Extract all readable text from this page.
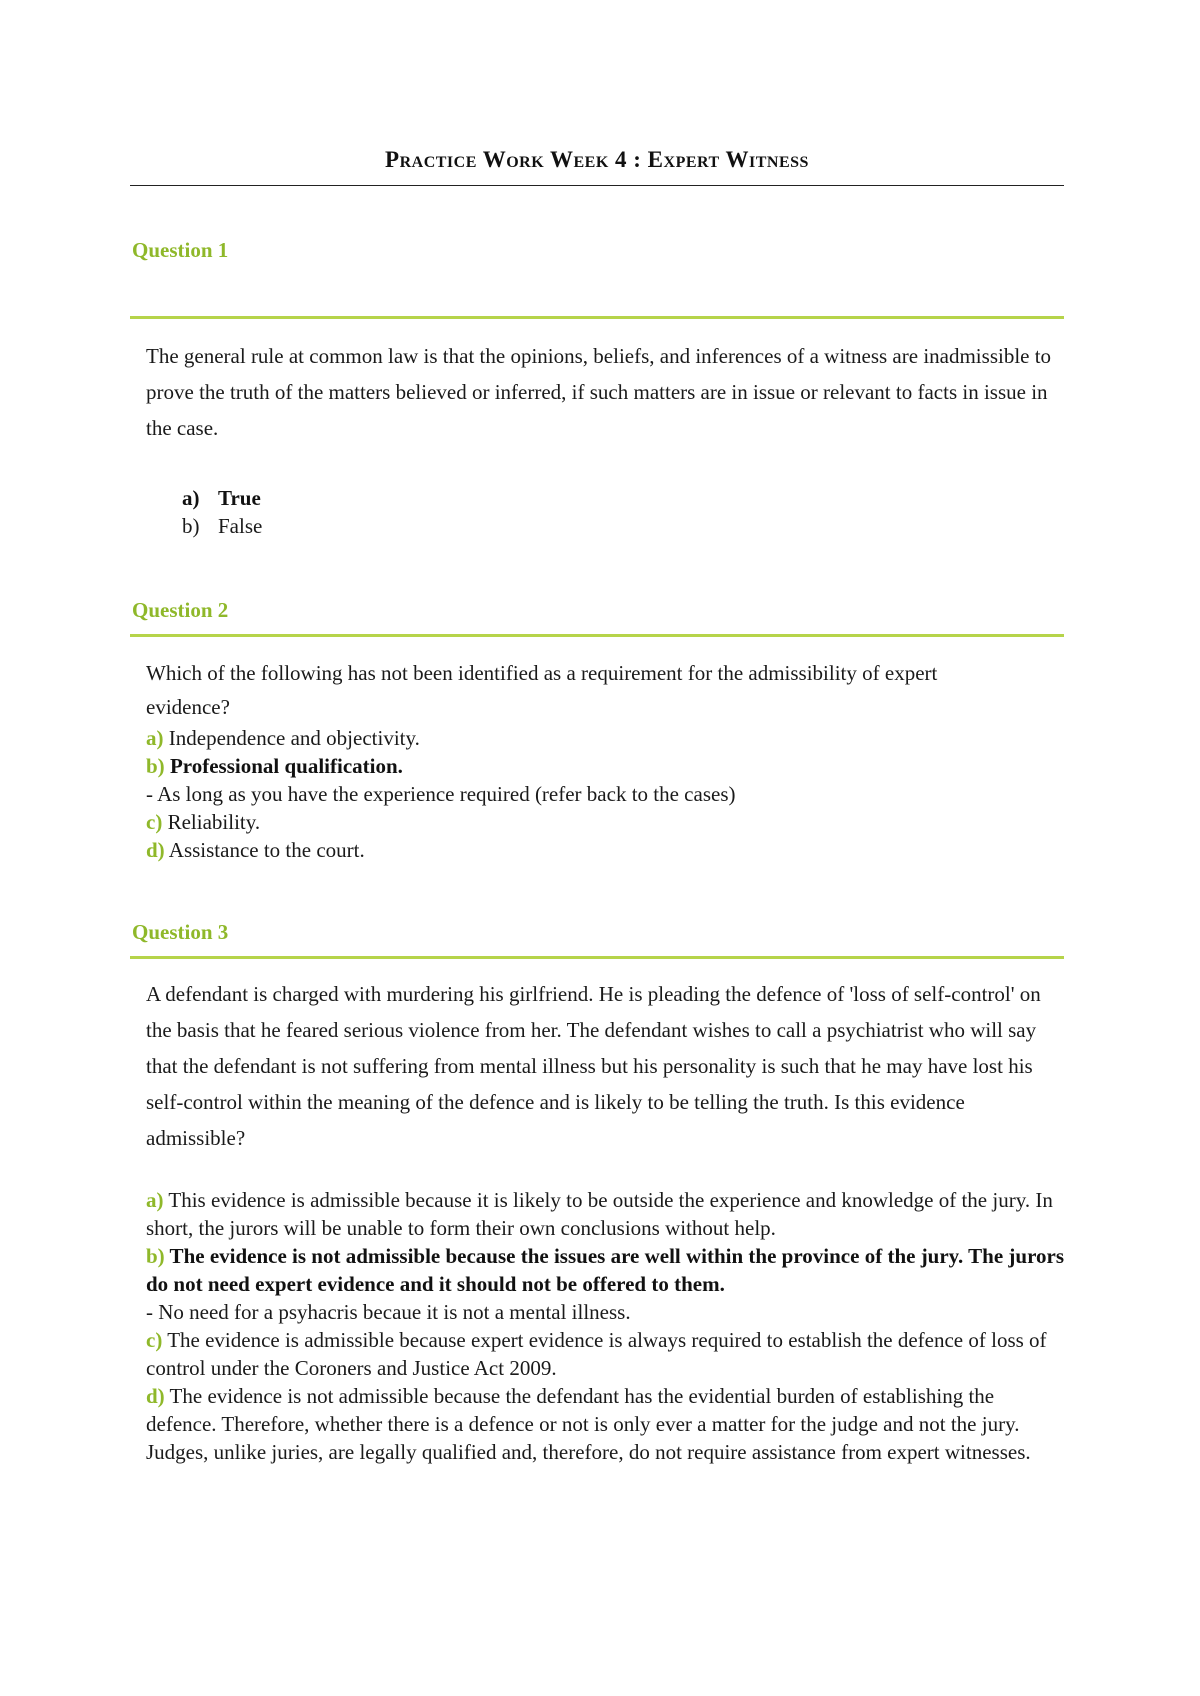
Practice Work Week 4 : Expert Witness
Question 1
The general rule at common law is that the opinions, beliefs, and inferences of a witness are inadmissible to prove the truth of the matters believed or inferred, if such matters are in issue or relevant to facts in issue in the case.
a) True
b) False
Question 2
Which of the following has not been identified as a requirement for the admissibility of expert evidence?
a) Independence and objectivity.
b) Professional qualification.
- As long as you have the experience required (refer back to the cases)
c) Reliability.
d) Assistance to the court.
Question 3
A defendant is charged with murdering his girlfriend. He is pleading the defence of 'loss of self-control' on the basis that he feared serious violence from her. The defendant wishes to call a psychiatrist who will say that the defendant is not suffering from mental illness but his personality is such that he may have lost his self-control within the meaning of the defence and is likely to be telling the truth. Is this evidence admissible?
a) This evidence is admissible because it is likely to be outside the experience and knowledge of the jury. In short, the jurors will be unable to form their own conclusions without help.
b) The evidence is not admissible because the issues are well within the province of the jury. The jurors do not need expert evidence and it should not be offered to them.
- No need for a psyhacris becaue it is not a mental illness.
c) The evidence is admissible because expert evidence is always required to establish the defence of loss of control under the Coroners and Justice Act 2009.
d) The evidence is not admissible because the defendant has the evidential burden of establishing the defence. Therefore, whether there is a defence or not is only ever a matter for the judge and not the jury. Judges, unlike juries, are legally qualified and, therefore, do not require assistance from expert witnesses.
